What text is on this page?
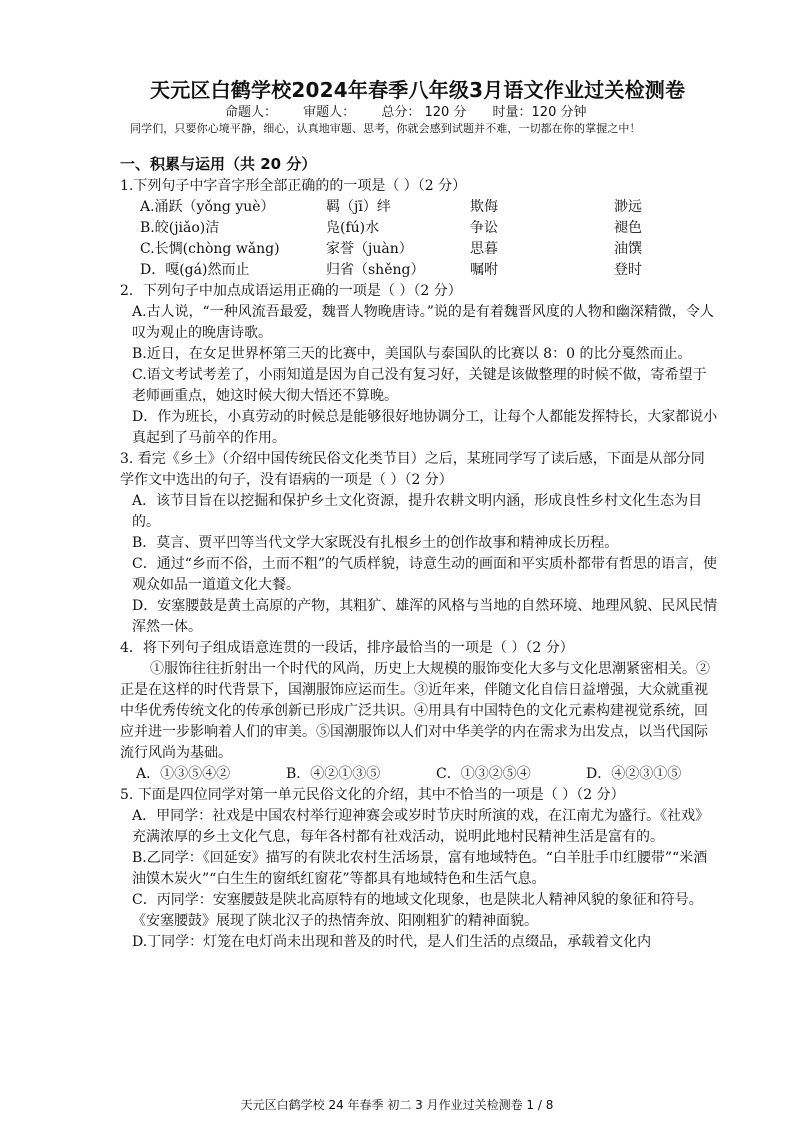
天元区白鹤学校2024年春季八年级3月语文作业过关检测卷
命题人： 审题人： 总分： 120 分 时量：120 分钟
同学们，只要你心境平静，细心，认真地审题、思考，你就会感到试题并不难，一切都在你的掌握之中！
一、积累与运用（共 20 分）

1.下列句子中字音字形全部正确的的一项是（ ）（2 分）

A.涌跃（yǒng yuè）	羁（jī）绊	欺侮	渺远
B.皎(jiǎo)洁	凫(fú)水	争讼	褪色
C.长惆(chòng wǎng)	家誉（juàn）	思暮	油馔
D．嘎(gá)然而止	归省（shěng）	嘱咐	登时

2．下列句子中加点成语运用正确的一项是（ ）（2 分）

A.古人说，“一种风流吾最爱，魏晋人物晚唐诗。”说的是有着魏晋风度的人物和幽深精微，令人叹为观止的晚唐诗歌。

B.近日，在女足世界杯第三天的比赛中，美国队与泰国队的比赛以 8：0 的比分戛然而止。

C.语文考试考差了，小雨知道是因为自己没有复习好，关键是该做整理的时候不做，寄希望于老师画重点，她这时候大彻大悟还不算晚。

D．作为班长，小真劳动的时候总是能够很好地协调分工，让每个人都能发挥特长，大家都说小真起到了马前卒的作用。

3. 看完《乡土》（介绍中国传统民俗文化类节目）之后，某班同学写了读后感，下面是从部分同学作文中选出的句子，没有语病的一项是（ ）（2 分）

A．该节目旨在以挖掘和保护乡土文化资源，提升农耕文明内涵，形成良性乡村文化生态为目的。

B．莫言、贾平凹等当代文学大家既没有扎根乡土的创作故事和精神成长历程。

C．通过“乡而不俗，土而不粗”的气质样貌，诗意生动的画面和平实质朴都带有哲思的语言，使观众如品一道道文化大餐。

D．安塞腰鼓是黄土高原的产物，其粗犷、雄浑的风格与当地的自然环境、地理风貌、民风民情浑然一体。

4．将下列句子组成语意连贯的一段话，排序最恰当的一项是（ ）（2 分）

①服饰往往折射出一个时代的风尚，历史上大规模的服饰变化大多与文化思潮紧密相关。②正是在这样的时代背景下，国潮服饰应运而生。③近年来，伴随文化自信日益增强，大众就重视中华优秀传统文化的传承创新已形成广泛共识。④用具有中国特色的文化元素构建视觉系统，回应并进一步影响着人们的审美。⑤国潮服饰以人们对中华美学的内在需求为出发点，以当代国际流行风尚为基础。

A．①③⑤④②	B．④②①③⑤	C．①③②⑤④	D．④②③①⑤

5. 下面是四位同学对第一单元民俗文化的介绍，其中不恰当的一项是（ ）（2 分）

A．甲同学：社戏是中国农村举行迎神赛会或岁时节庆时所演的戏，在江南尤为盛行。《社戏》充满浓厚的乡土文化气息，每年各村都有社戏活动，说明此地村民精神生活是富有的。

B.乙同学：《回延安》描写的有陕北农村生活场景，富有地域特色。“白羊肚手巾红腰带”“米酒油馍木炭火”“白生生的窗纸红窗花”等都具有地域特色和生活气息。

C．丙同学：安塞腰鼓是陕北高原特有的地域文化现象，也是陕北人精神风貌的象征和符号。《安塞腰鼓》展现了陕北汉子的热情奔放、阳刚粗犷的精神面貌。

D.丁同学：灯笼在电灯尚未出现和普及的时代，是人们生活的点缀品，承载着文化内

天元区白鹤学校 24 年春季 初二 3 月作业过关检测卷 1 / 8
